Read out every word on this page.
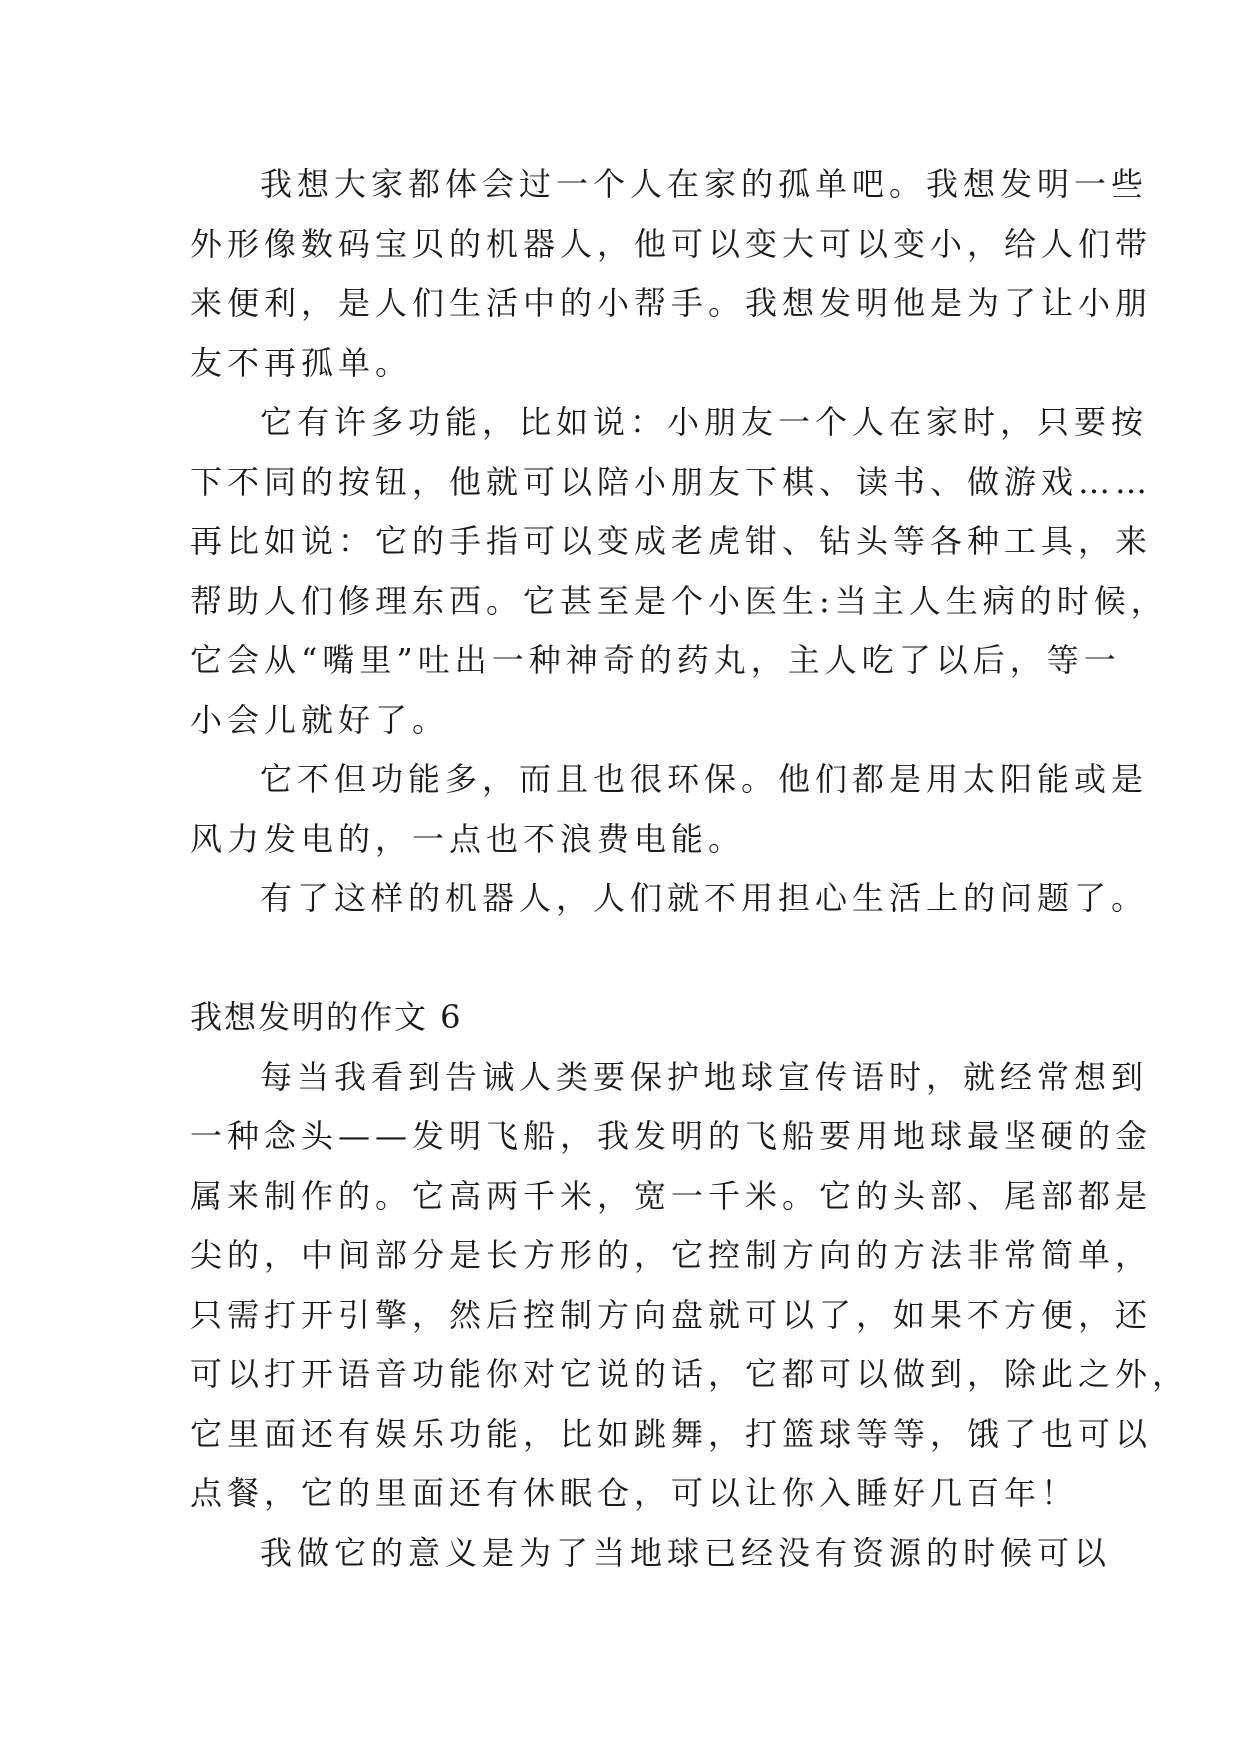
我想大家都体会过一个人在家的孤单吧。我想发明一些
外形像数码宝贝的机器人，他可以变大可以变小，给人们带
来便利，是人们生活中的小帮手。我想发明他是为了让小朋
友不再孤单。
它有许多功能，比如说：小朋友一个人在家时，只要按
下不同的按钮，他就可以陪小朋友下棋、读书、做游戏……
再比如说：它的手指可以变成老虎钳、钻头等各种工具，来
帮助人们修理东西。它甚至是个小医生:当主人生病的时候，
它会从“嘴里”吐出一种神奇的药丸，主人吃了以后，等一
小会儿就好了。
它不但功能多，而且也很环保。他们都是用太阳能或是
风力发电的，一点也不浪费电能。
有了这样的机器人，人们就不用担心生活上的问题了。
我想发明的作文 6
每当我看到告诫人类要保护地球宣传语时，就经常想到
一种念头——发明飞船，我发明的飞船要用地球最坚硬的金
属来制作的。它高两千米，宽一千米。它的头部、尾部都是
尖的，中间部分是长方形的，它控制方向的方法非常简单，
只需打开引擎，然后控制方向盘就可以了，如果不方便，还
可以打开语音功能你对它说的话，它都可以做到，除此之外，
它里面还有娱乐功能，比如跳舞，打篮球等等，饿了也可以
点餐，它的里面还有休眠仓，可以让你入睡好几百年！
我做它的意义是为了当地球已经没有资源的时候可以
